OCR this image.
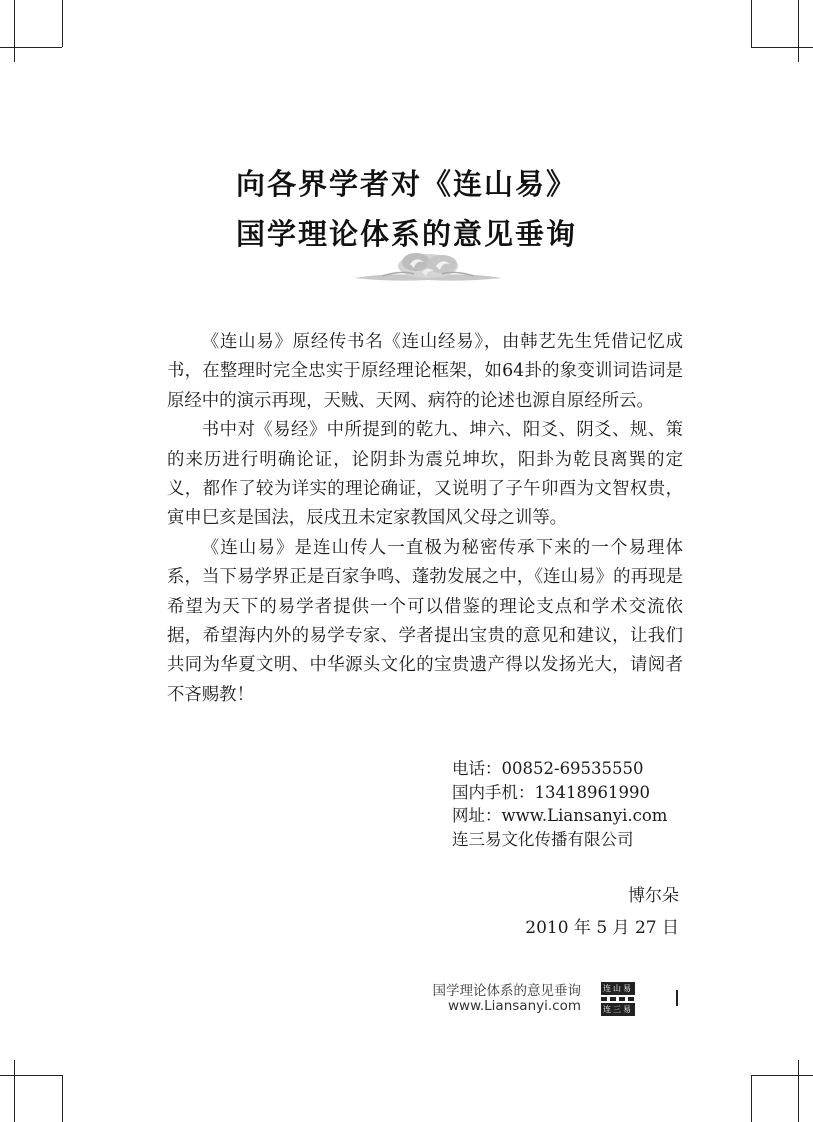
向各界学者对《连山易》
国学理论体系的意见垂询

《连山易》原经传书名《连山经易》，由韩艺先生凭借记忆成书，在整理时完全忠实于原经理论框架，如64卦的象变训词诰词是原经中的演示再现，天贼、天网、病符的论述也源自原经所云。

书中对《易经》中所提到的乾九、坤六、阳爻、阴爻、规、策的来历进行明确论证，论阴卦为震兑坤坎，阳卦为乾艮离巽的定义，都作了较为详实的理论确证，又说明了子午卯酉为文智权贵，寅申巳亥是国法，辰戌丑未定家教国风父母之训等。

《连山易》是连山传人一直极为秘密传承下来的一个易理体系，当下易学界正是百家争鸣、蓬勃发展之中，《连山易》的再现是希望为天下的易学者提供一个可以借鉴的理论支点和学术交流依据，希望海内外的易学专家、学者提出宝贵的意见和建议，让我们共同为华夏文明、中华源头文化的宝贵遗产得以发扬光大，请阅者不吝赐教！

电话：00852-69535550
国内手机：13418961990
网址：www.Liansanyi.com
连三易文化传播有限公司
博尔朵
2010 年 5 月 27 日
国学理论体系的意见垂询
www.Liansanyi.com
连山易
连三易
